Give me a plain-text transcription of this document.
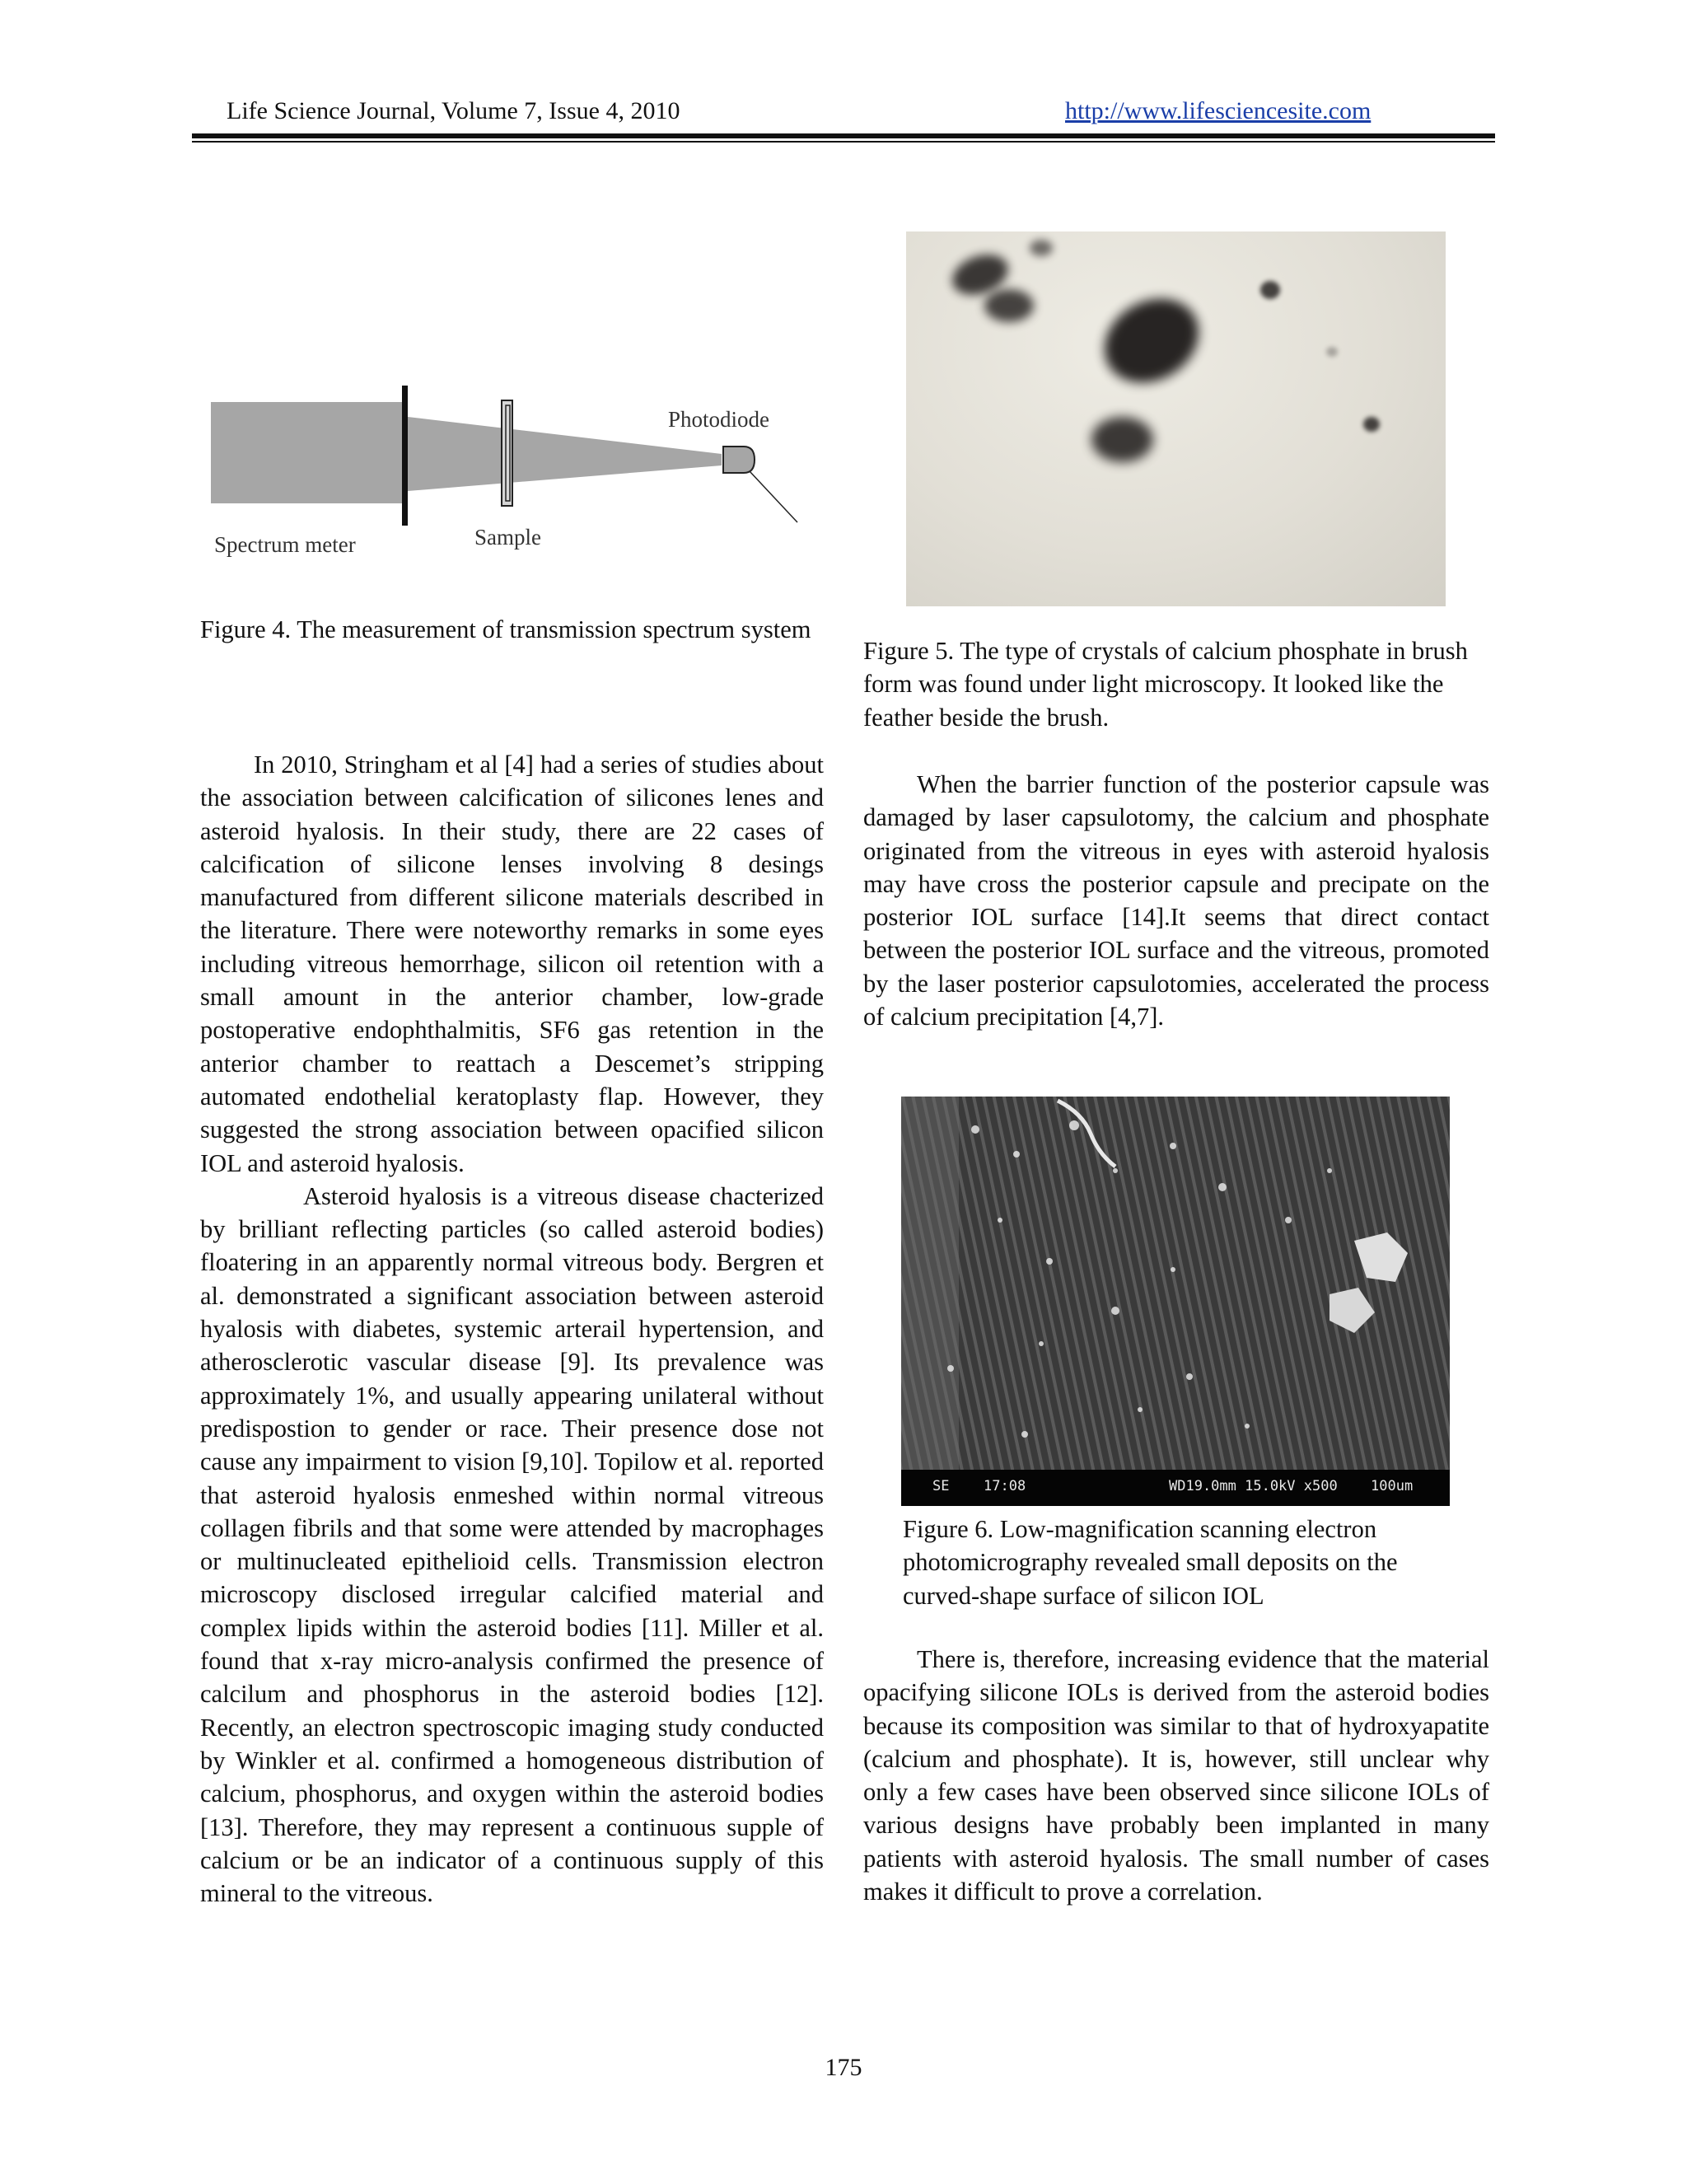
Life Science Journal, Volume 7, Issue 4, 2010	http://www.lifesciencesite.com
Photodiode
Spectrum meter	Sample
Figure 4. The measurement of transmission spectrum system

In 2010, Stringham et al [4] had a series of studies about the association between calcification of silicones lenes and asteroid hyalosis. In their study, there are 22 cases of calcification of silicone lenses involving 8 desings manufactured from different silicone materials described in the literature. There were noteworthy remarks in some eyes including vitreous hemorrhage, silicon oil retention with a small amount in the anterior chamber, low-grade postoperative endophthalmitis, SF6 gas retention in the anterior chamber to reattach a Descemet’s stripping automated endothelial keratoplasty flap. However, they suggested the strong association between opacified silicon IOL and asteroid hyalosis.

Asteroid hyalosis is a vitreous disease chacterized by brilliant reflecting particles (so called asteroid bodies) floatering in an apparently normal vitreous body. Bergren et al. demonstrated a significant association between asteroid hyalosis with diabetes, systemic arterail hypertension, and atherosclerotic vascular disease [9]. Its prevalence was approximately 1%, and usually appearing unilateral without predispostion to gender or race. Their presence dose not cause any impairment to vision [9,10]. Topilow et al. reported that asteroid hyalosis enmeshed within normal vitreous collagen fibrils and that some were attended by macrophages or multinucleated epithelioid cells. Transmission electron microscopy disclosed irregular calcified material and complex lipids within the asteroid bodies [11]. Miller et al. found that x-ray micro-analysis confirmed the presence of calcilum and phosphorus in the asteroid bodies [12]. Recently, an electron spectroscopic imaging study conducted by Winkler et al. confirmed a homogeneous distribution of calcium, phosphorus, and oxygen within the asteroid bodies [13]. Therefore, they may represent a continuous supple of calcium or be an indicator of a continuous supply of this mineral to the vitreous.

Figure 5. The type of crystals of calcium phosphate in brush form was found under light microscopy. It looked like the feather beside the brush.

When the barrier function of the posterior capsule was damaged by laser capsulotomy, the calcium and phosphate originated from the vitreous in eyes with asteroid hyalosis may have cross the posterior capsule and precipate on the posterior IOL surface [14].It seems that direct contact between the posterior IOL surface and the vitreous, promoted by the laser posterior capsulotomies, accelerated the process of calcium precipitation [4,7].

SE 17:08	WD19.0mm 15.0kV x500 100um
Figure 6. Low-magnification scanning electron photomicrography revealed small deposits on the curved-shape surface of silicon IOL

There is, therefore, increasing evidence that the material opacifying silicone IOLs is derived from the asteroid bodies because its composition was similar to that of hydroxyapatite (calcium and phosphate). It is, however, still unclear why only a few cases have been observed since silicone IOLs of various designs have probably been implanted in many patients with asteroid hyalosis. The small number of cases makes it difficult to prove a correlation.

175
